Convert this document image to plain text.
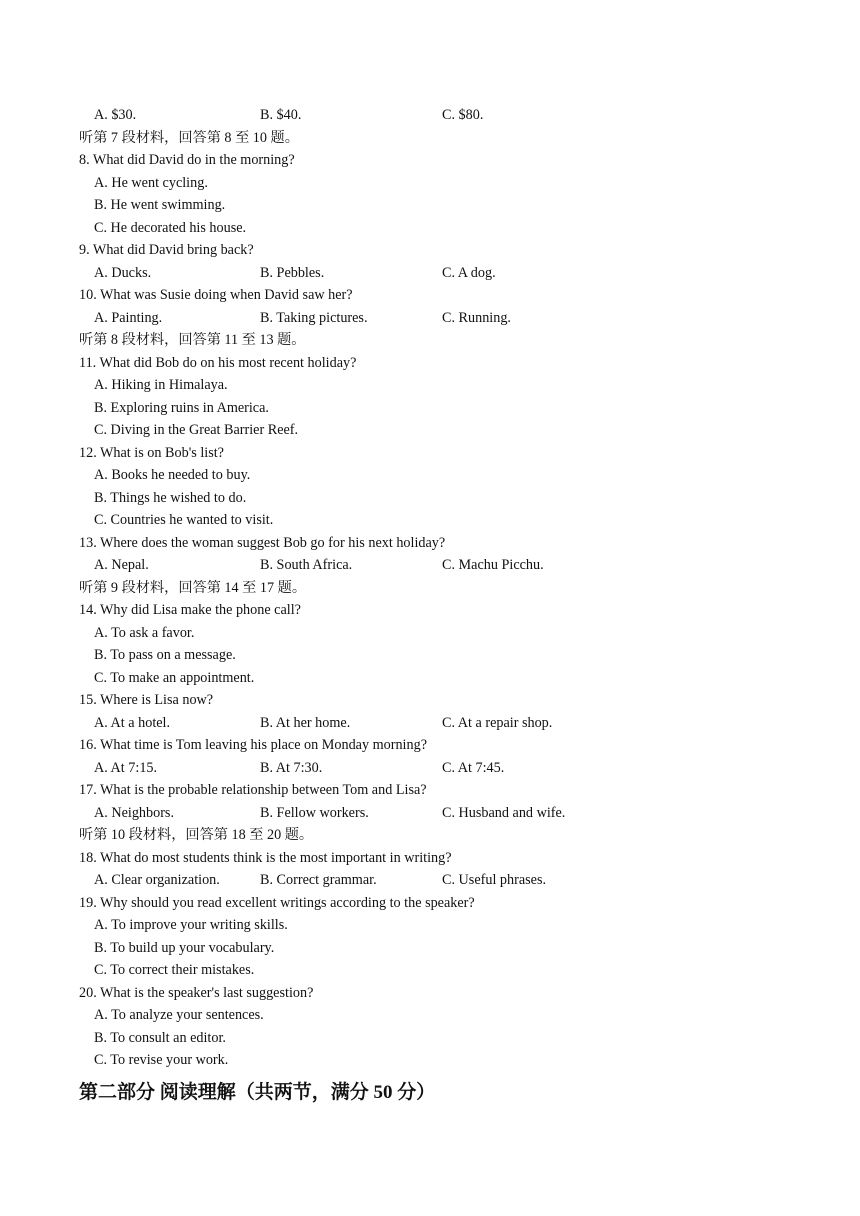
A. $30.	B. $40.	C. $80.
听第 7 段材料，回答第 8 至 10 题。
8. What did David do in the morning?
A. He went cycling.
B. He went swimming.
C. He decorated his house.
9. What did David bring back?
A. Ducks.	B. Pebbles.	C. A dog.
10. What was Susie doing when David saw her?
A. Painting.	B. Taking pictures.	C. Running.
听第 8 段材料，回答第 11 至 13 题。
11. What did Bob do on his most recent holiday?
A. Hiking in Himalaya.
B. Exploring ruins in America.
C. Diving in the Great Barrier Reef.
12. What is on Bob's list?
A. Books he needed to buy.
B. Things he wished to do.
C. Countries he wanted to visit.
13. Where does the woman suggest Bob go for his next holiday?
A. Nepal.	B. South Africa.	C. Machu Picchu.
听第 9 段材料，回答第 14 至 17 题。
14. Why did Lisa make the phone call?
A. To ask a favor.
B. To pass on a message.
C. To make an appointment.
15. Where is Lisa now?
A. At a hotel.	B. At her home.	C. At a repair shop.
16. What time is Tom leaving his place on Monday morning?
A. At 7:15.	B. At 7:30.	C. At 7:45.
17. What is the probable relationship between Tom and Lisa?
A. Neighbors.	B. Fellow workers.	C. Husband and wife.
听第 10 段材料，回答第 18 至 20 题。
18. What do most students think is the most important in writing?
A. Clear organization.	B. Correct grammar.	C. Useful phrases.
19. Why should you read excellent writings according to the speaker?
A. To improve your writing skills.
B. To build up your vocabulary.
C. To correct their mistakes.
20. What is the speaker's last suggestion?
A. To analyze your sentences.
B. To consult an editor.
C. To revise your work.
第二部分 阅读理解（共两节，满分 50 分）
